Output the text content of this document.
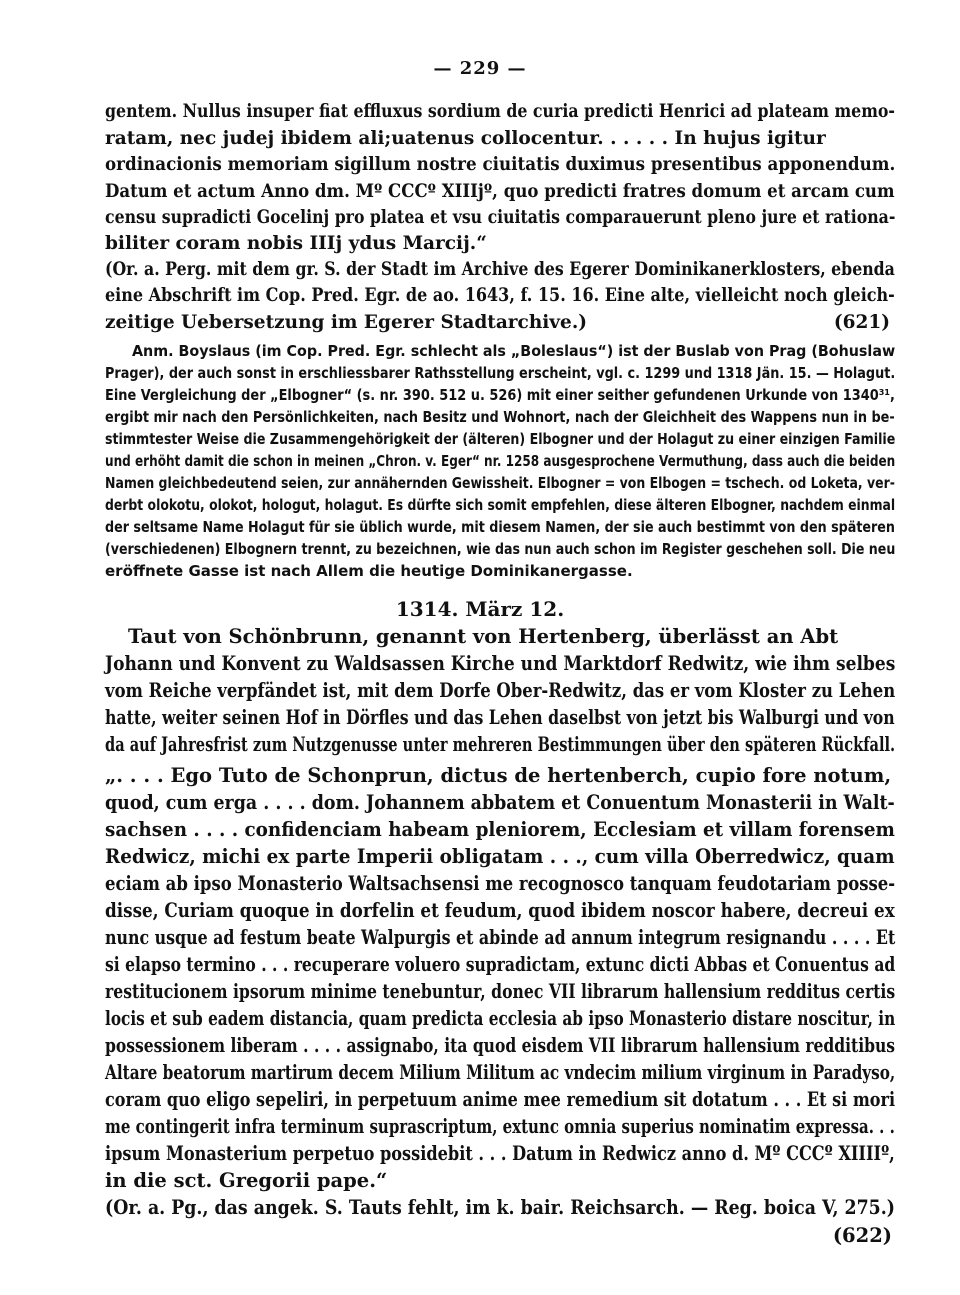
— 229 —
gentem. Nullus insuper fiat effluxus sordium de curia predicti Henrici ad plateam memo-
ratam, nec judej ibidem ali;uatenus collocentur. . . . . . In hujus igitur
ordinacionis memoriam sigillum nostre ciuitatis duximus presentibus apponendum.
Datum et actum Anno dm. Mº CCCº XIIIjº, quo predicti fratres domum et arcam cum
censu supradicti Gocelinj pro platea et vsu ciuitatis comparauerunt pleno jure et rationa-
biliter coram nobis IIIj ydus Marcij.“
(Or. a. Perg. mit dem gr. S. der Stadt im Archive des Egerer Dominikanerklosters, ebenda
eine Abschrift im Cop. Pred. Egr. de ao. 1643, f. 15. 16. Eine alte, vielleicht noch gleich-
zeitige Uebersetzung im Egerer Stadtarchive.)	(621)
Anm. Boyslaus (im Cop. Pred. Egr. schlecht als „Boleslaus“) ist der Buslab von Prag (Bohuslaw
Prager), der auch sonst in erschliessbarer Rathsstellung erscheint, vgl. c. 1299 und 1318 Jän. 15. — Holagut.
Eine Vergleichung der „Elbogner“ (s. nr. 390. 512 u. 526) mit einer seither gefundenen Urkunde von 1340³¹,
ergibt mir nach den Persönlichkeiten, nach Besitz und Wohnort, nach der Gleichheit des Wappens nun in be-
stimmtester Weise die Zusammengehörigkeit der (älteren) Elbogner und der Holagut zu einer einzigen Familie
und erhöht damit die schon in meinen „Chron. v. Eger“ nr. 1258 ausgesprochene Vermuthung, dass auch die beiden
Namen gleichbedeutend seien, zur annähernden Gewissheit. Elbogner = von Elbogen = tschech. od Loketa, ver-
derbt olokotu, olokot, hologut, holagut. Es dürfte sich somit empfehlen, diese älteren Elbogner, nachdem einmal
der seltsame Name Holagut für sie üblich wurde, mit diesem Namen, der sie auch bestimmt von den späteren
(verschiedenen) Elbognern trennt, zu bezeichnen, wie das nun auch schon im Register geschehen soll. Die neu
eröffnete Gasse ist nach Allem die heutige Dominikanergasse.
1314. März 12.
Taut von Schönbrunn, genannt von Hertenberg, überlässt an Abt
Johann und Konvent zu Waldsassen Kirche und Marktdorf Redwitz, wie ihm selbes
vom Reiche verpfändet ist, mit dem Dorfe Ober-Redwitz, das er vom Kloster zu Lehen
hatte, weiter seinen Hof in Dörfles und das Lehen daselbst von jetzt bis Walburgi und von
da auf Jahresfrist zum Nutzgenusse unter mehreren Bestimmungen über den späteren Rückfall.
„. . . . Ego Tuto de Schonprun, dictus de hertenberch, cupio fore notum,
quod, cum erga . . . . dom. Johannem abbatem et Conuentum Monasterii in Walt-
sachsen . . . . confidenciam habeam pleniorem, Ecclesiam et villam forensem
Redwicz, michi ex parte Imperii obligatam . . ., cum villa Oberredwicz, quam
eciam ab ipso Monasterio Waltsachsensi me recognosco tanquam feudotariam posse-
disse, Curiam quoque in dorfelin et feudum, quod ibidem noscor habere, decreui ex
nunc usque ad festum beate Walpurgis et abinde ad annum integrum resignandu . . . . Et
si elapso termino . . . recuperare voluero supradictam, extunc dicti Abbas et Conuentus ad
restitucionem ipsorum minime tenebuntur, donec VII librarum hallensium redditus certis
locis et sub eadem distancia, quam predicta ecclesia ab ipso Monasterio distare noscitur, in
possessionem liberam . . . . assignabo, ita quod eisdem VII librarum hallensium redditibus
Altare beatorum martirum decem Milium Militum ac vndecim milium virginum in Paradyso,
coram quo eligo sepeliri, in perpetuum anime mee remedium sit dotatum . . . Et si mori
me contingerit infra terminum suprascriptum, extunc omnia superius nominatim expressa. . .
ipsum Monasterium perpetuo possidebit . . . Datum in Redwicz anno d. Mº CCCº XIIIIº,
in die sct. Gregorii pape.“
(Or. a. Pg., das angek. S. Tauts fehlt, im k. bair. Reichsarch. — Reg. boica V, 275.)
(622)
